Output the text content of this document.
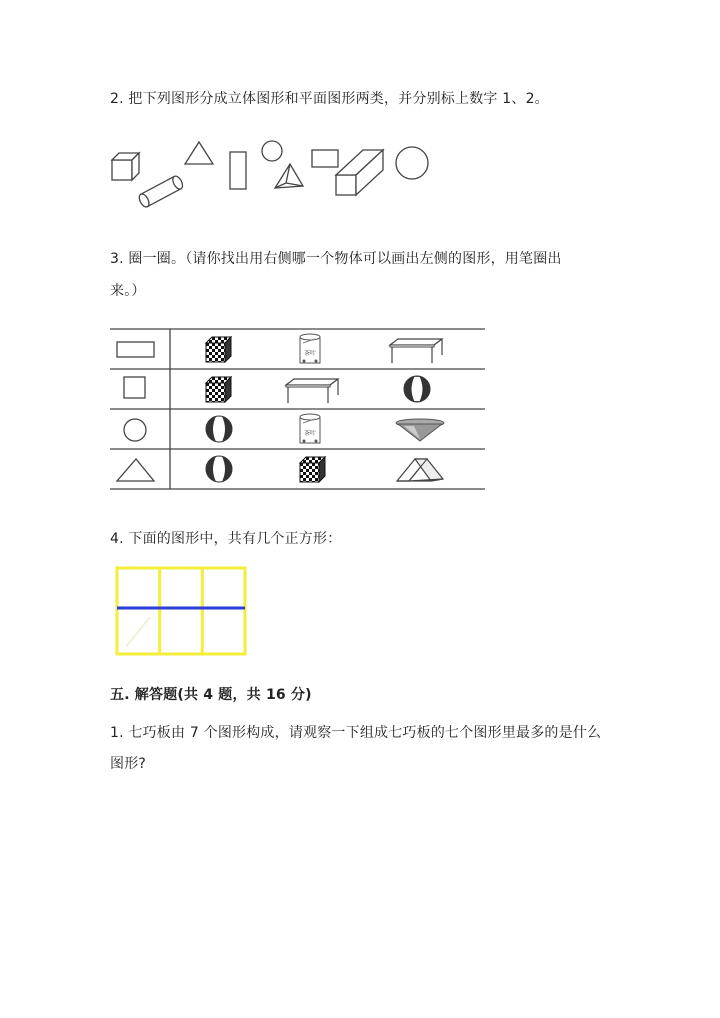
2. 把下列图形分成立体图形和平面图形两类，并分别标上数字 1、2。
3. 圈一圈。（请你找出用右侧哪一个物体可以画出左侧的图形，用笔圈出
来。）
茶叶
茶叶
4. 下面的图形中，共有几个正方形：
五. 解答题(共 4 题，共 16 分)
1. 七巧板由 7 个图形构成，请观察一下组成七巧板的七个图形里最多的是什么
图形?
